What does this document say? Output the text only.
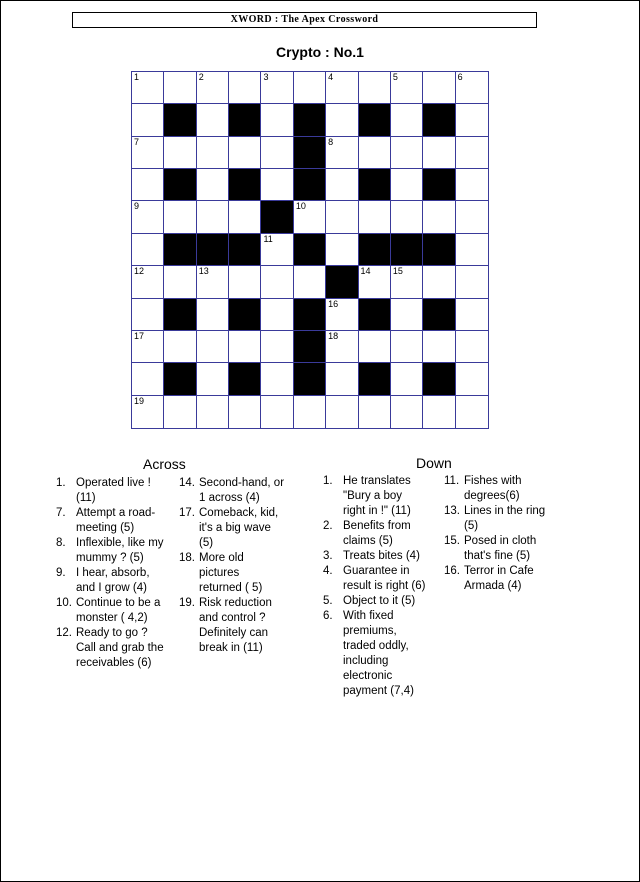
XWORD : The Apex Crossword
Crypto : No.1
1	2	3	4	5	6
7	8
9	10
11
12	13	14 15
16
17	18
19
Across	Down
1. Operated live ! (11)
7. Attempt a road-meeting (5)
8. Inflexible, like my mummy ? (5)
9. I hear, absorb, and I grow (4)
10. Continue to be a monster ( 4,2)
12. Ready to go ? Call and grab the receivables (6)
14. Second-hand, or 1 across (4)
17. Comeback, kid, it's a big wave (5)
18. More old pictures returned ( 5)
19. Risk reduction and control ? Definitely can break in (11)
1. He translates "Bury a boy right in !" (11)
2. Benefits from claims (5)
3. Treats bites (4)
4. Guarantee in result is right (6)
5. Object to it (5)
6. With fixed premiums, traded oddly, including electronic payment (7,4)
11. Fishes with degrees(6)
13. Lines in the ring (5)
15. Posed in cloth that's fine (5)
16. Terror in Cafe Armada (4)
